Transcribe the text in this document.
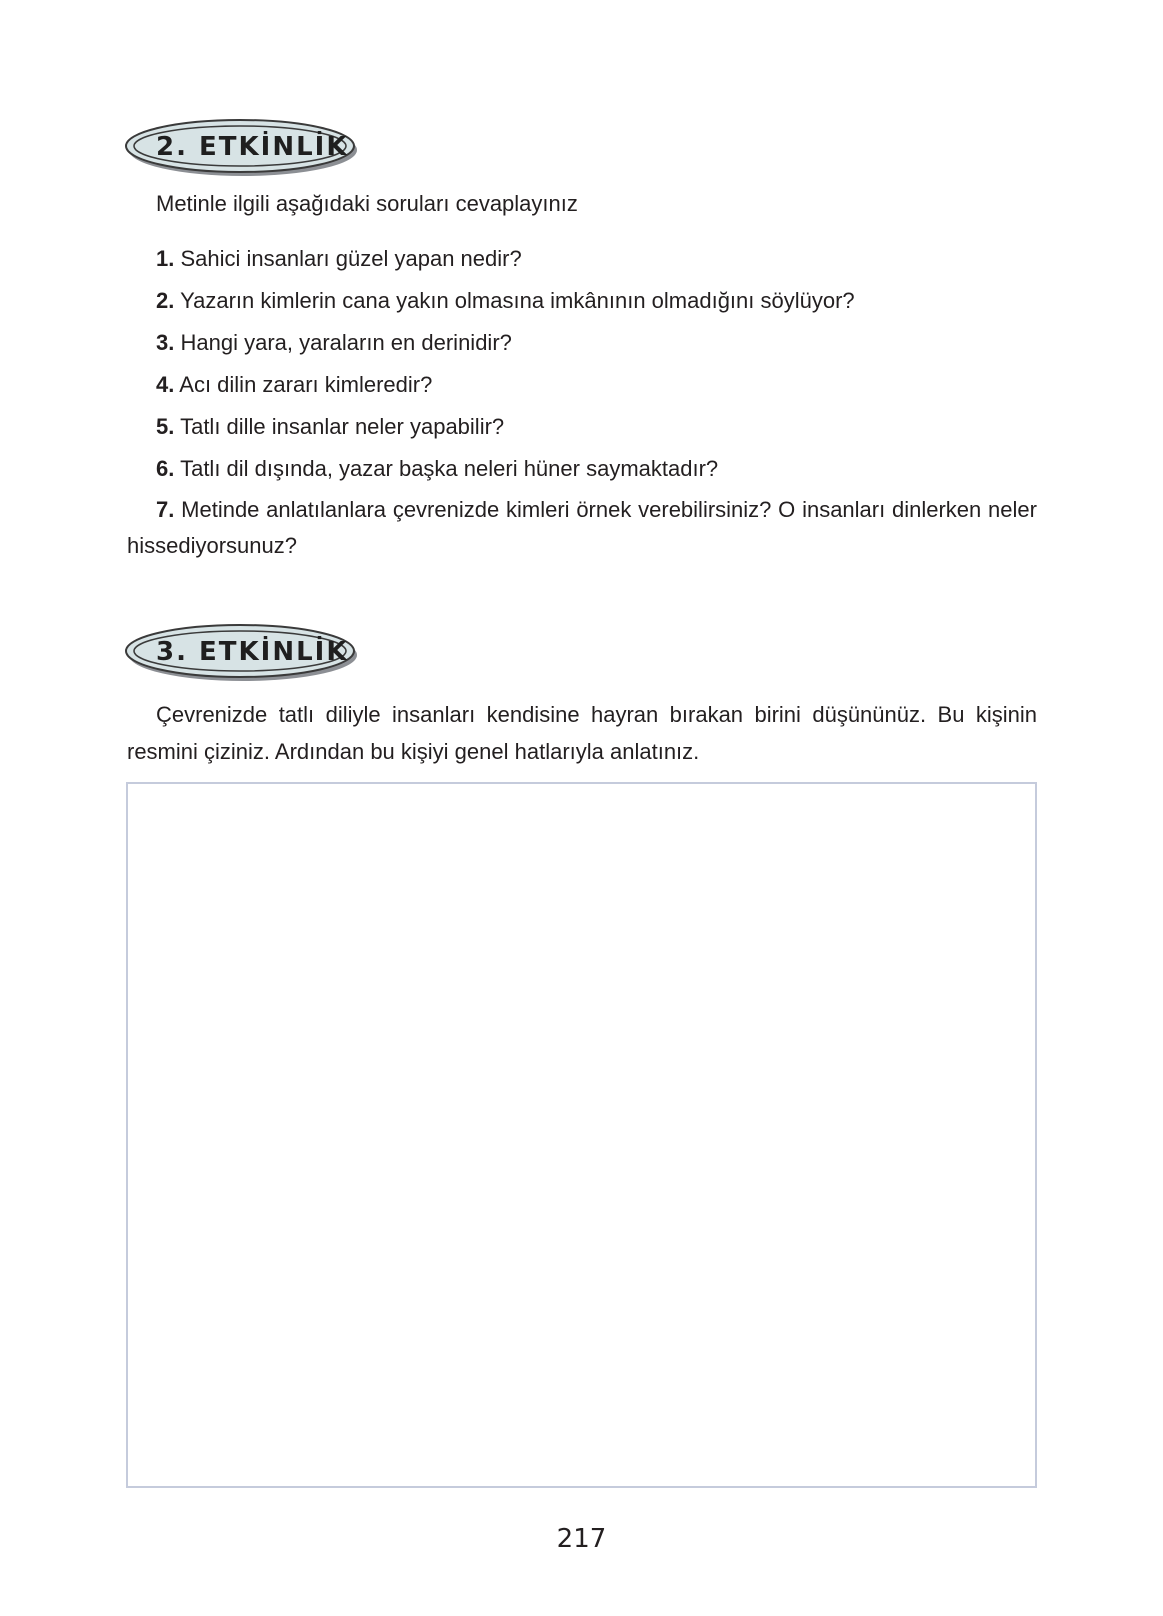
2. ETKİNLİK
Metinle ilgili aşağıdaki soruları cevaplayınız
1. Sahici insanları güzel yapan nedir?
2. Yazarın kimlerin cana yakın olmasına imkânının olmadığını söylüyor?
3. Hangi yara, yaraların en derinidir?
4. Acı dilin zararı kimleredir?
5. Tatlı dille insanlar neler yapabilir?
6. Tatlı dil dışında, yazar başka neleri hüner saymaktadır?
7. Metinde anlatılanlara çevrenizde kimleri örnek verebilirsiniz? O insanları dinlerken neler hissediyorsunuz?
3. ETKİNLİK

Çevrenizde tatlı diliyle insanları kendisine hayran bırakan birini düşününüz. Bu kişinin resmini çiziniz. Ardından bu kişiyi genel hatlarıyla anlatınız.

217
